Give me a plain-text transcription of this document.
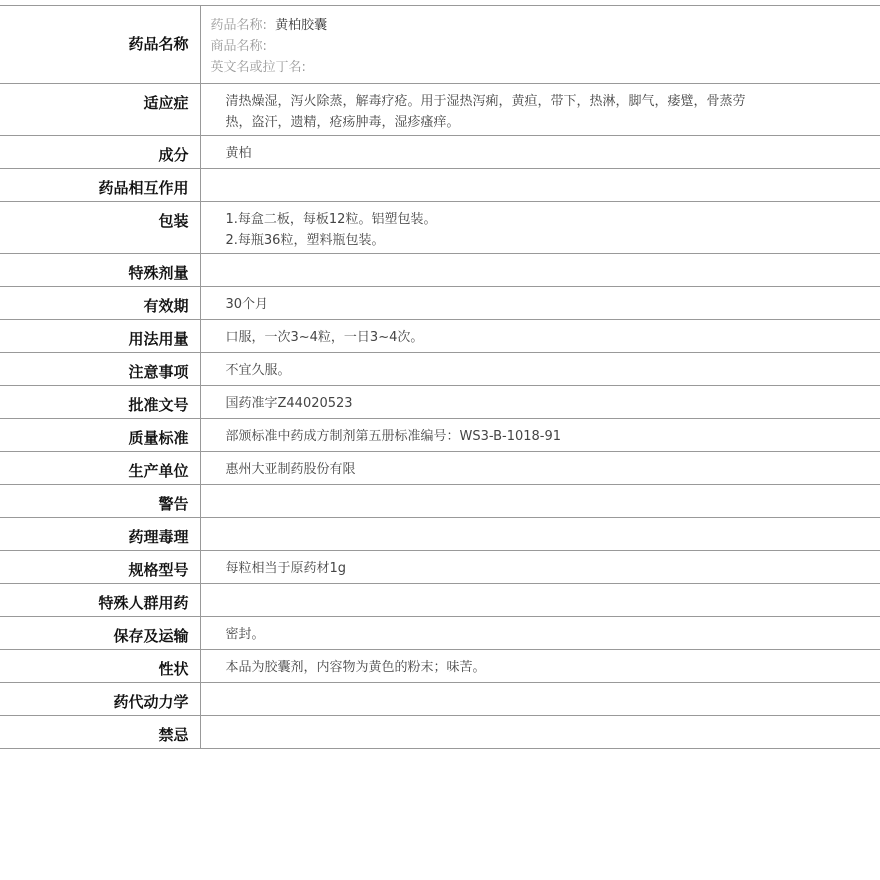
药品名称	药品名称: 黄柏胶囊
商品名称:
英文名或拉丁名:

适应症	清热燥湿，泻火除蒸，解毒疗疮。用于湿热泻痢，黄疸，带下，热淋，脚气，痿躄，骨蒸劳
热，盗汗，遗精，疮疡肿毒，湿疹瘙痒。

成分	黄柏

药品相互作用	

包装	1.每盒二板，每板12粒。铝塑包装。
2.每瓶36粒，塑料瓶包装。

特殊剂量	

有效期	30个月

用法用量	口服，一次3~4粒，一日3~4次。

注意事项	不宜久服。

批准文号	国药准字Z44020523

质量标准	部颁标准中药成方制剂第五册标准编号：WS3-B-1018-91

生产单位	惠州大亚制药股份有限

警告	

药理毒理	

规格型号	每粒相当于原药材1g

特殊人群用药	

保存及运输	密封。

性状	本品为胶囊剂，内容物为黄色的粉末；味苦。

药代动力学	

禁忌	
